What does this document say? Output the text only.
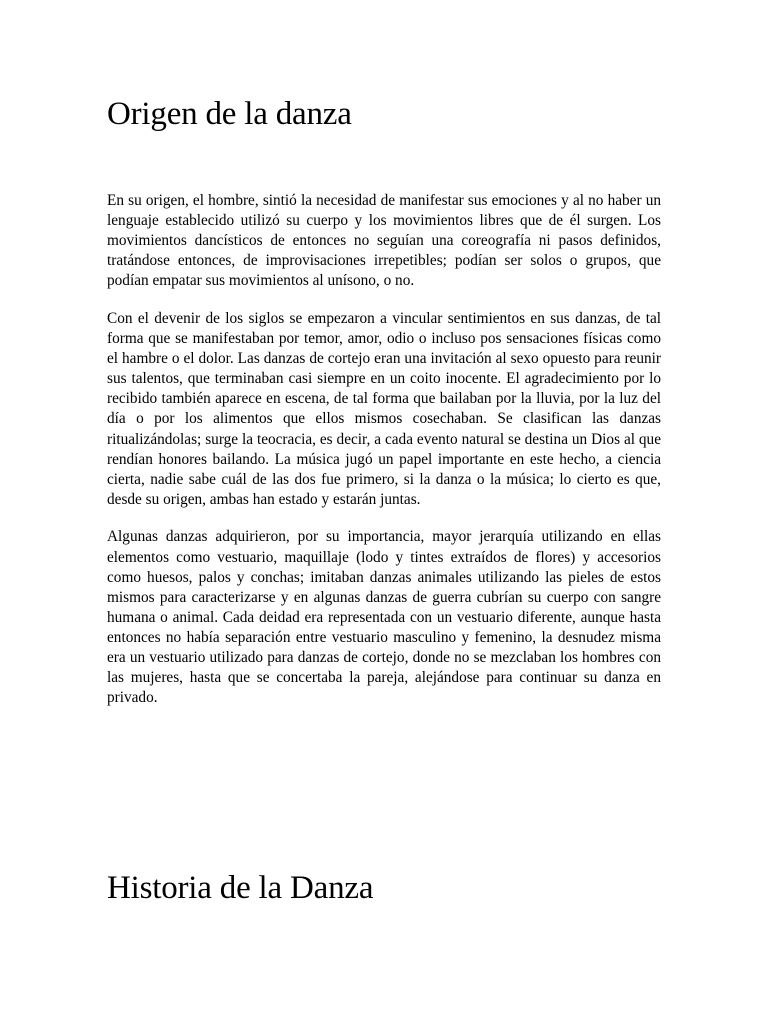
Origen de la danza

En su origen, el hombre, sintió la necesidad de manifestar sus emociones y al no haber un lenguaje establecido utilizó su cuerpo y los movimientos libres que de él surgen. Los movimientos dancísticos de entonces no seguían una coreografía ni pasos definidos, tratándose entonces, de improvisaciones irrepetibles; podían ser solos o grupos, que podían empatar sus movimientos al unísono, o no.

Con el devenir de los siglos se empezaron a vincular sentimientos en sus danzas, de tal forma que se manifestaban por temor, amor, odio o incluso pos sensaciones físicas como el hambre o el dolor. Las danzas de cortejo eran una invitación al sexo opuesto para reunir sus talentos, que terminaban casi siempre en un coito inocente. El agradecimiento por lo recibido también aparece en escena, de tal forma que bailaban por la lluvia, por la luz del día o por los alimentos que ellos mismos cosechaban. Se clasifican las danzas ritualizándolas; surge la teocracia, es decir, a cada evento natural se destina un Dios al que rendían honores bailando. La música jugó un papel importante en este hecho, a ciencia cierta, nadie sabe cuál de las dos fue primero, si la danza o la música; lo cierto es que, desde su origen, ambas han estado y estarán juntas.

Algunas danzas adquirieron, por su importancia, mayor jerarquía utilizando en ellas elementos como vestuario, maquillaje (lodo y tintes extraídos de flores) y accesorios como huesos, palos y conchas; imitaban danzas animales utilizando las pieles de estos mismos para caracterizarse y en algunas danzas de guerra cubrían su cuerpo con sangre humana o animal. Cada deidad era representada con un vestuario diferente, aunque hasta entonces no había separación entre vestuario masculino y femenino, la desnudez misma era un vestuario utilizado para danzas de cortejo, donde no se mezclaban los hombres con las mujeres, hasta que se concertaba la pareja, alejándose para continuar su danza en privado.

Historia de la Danza
